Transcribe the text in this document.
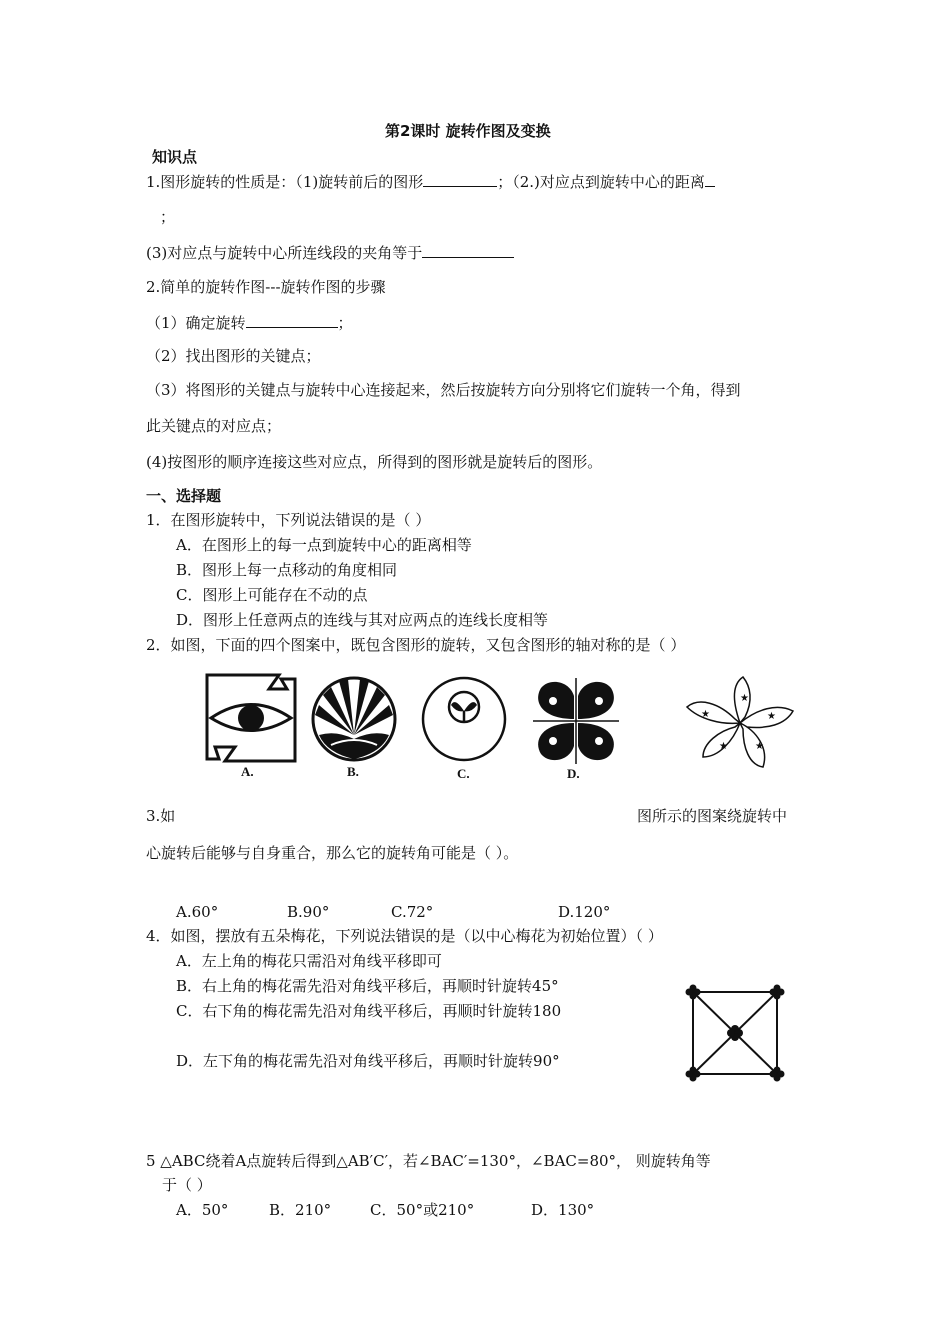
第2课时 旋转作图及变换
知识点
1.图形旋转的性质是：（1)旋转前后的图形	；（2.)对应点到旋转中心的距离
；
(3)对应点与旋转中心所连线段的夹角等于
2.简单的旋转作图---旋转作图的步骤
（1）确定旋转	；
（2）找出图形的关键点；
（3）将图形的关键点与旋转中心连接起来，然后按旋转方向分别将它们旋转一个角，得到
此关键点的对应点；
(4)按图形的顺序连接这些对应点，所得到的图形就是旋转后的图形。
一、选择题
1．在图形旋转中，下列说法错误的是（ ）
A．在图形上的每一点到旋转中心的距离相等
B．图形上每一点移动的角度相同
C．图形上可能存在不动的点
D．图形上任意两点的连线与其对应两点的连线长度相等
2．如图，下面的四个图案中，既包含图形的旋转，又包含图形的轴对称的是（ ）
A.	B.	C.	D.
★
★
★
★
★
3.如	图所示的图案绕旋转中
心旋转后能够与自身重合，那么它的旋转角可能是（ ）。
A.60°	B.90°	C.72°	D.120°
4．如图，摆放有五朵梅花，下列说法错误的是（以中心梅花为初始位置）（ ）
A．左上角的梅花只需沿对角线平移即可
B．右上角的梅花需先沿对角线平移后，再顺时针旋转45°
C．右下角的梅花需先沿对角线平移后，再顺时针旋转180
D．左下角的梅花需先沿对角线平移后，再顺时针旋转90°
5 △ABC绕着A点旋转后得到△AB′C′，若∠BAC′=130°，∠BAC=80°， 则旋转角等
于（ ）
A．50°	B．210°	C．50°或210°	D．130°
